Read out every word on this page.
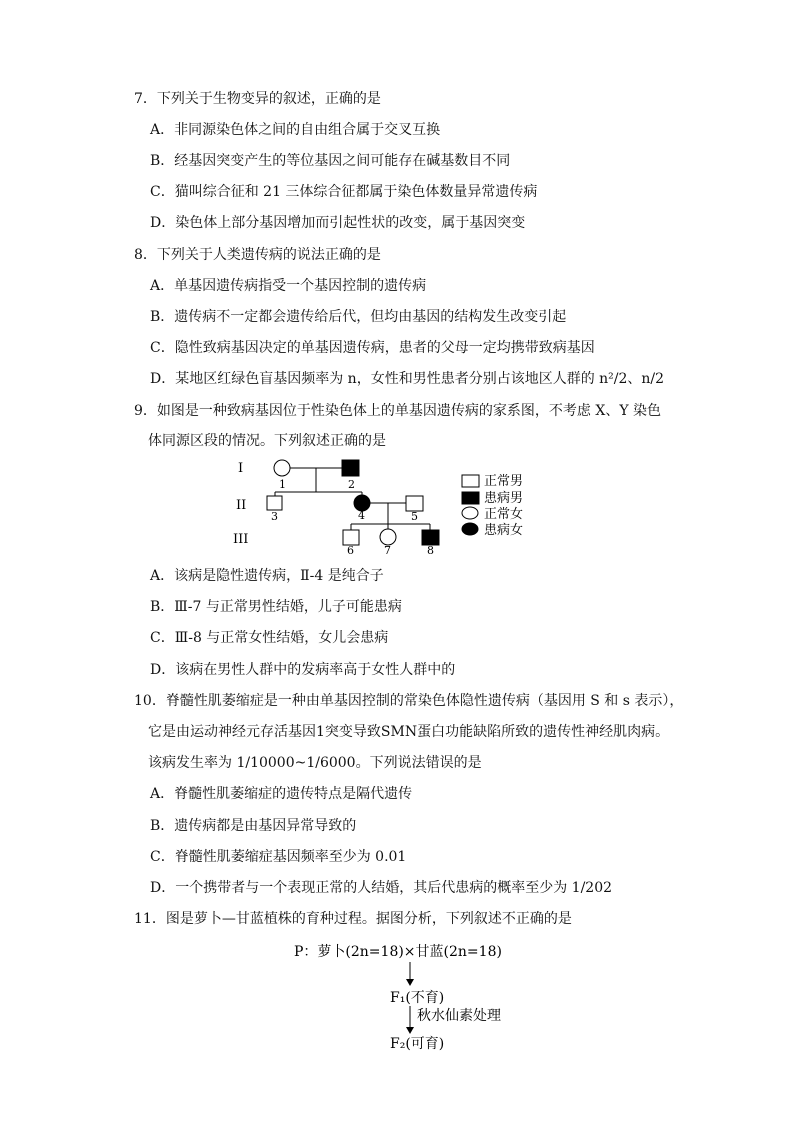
7．下列关于生物变异的叙述，正确的是
A．非同源染色体之间的自由组合属于交叉互换
B．经基因突变产生的等位基因之间可能存在碱基数目不同
C．猫叫综合征和 21 三体综合征都属于染色体数量异常遗传病
D．染色体上部分基因增加而引起性状的改变，属于基因突变
8．下列关于人类遗传病的说法正确的是
A．单基因遗传病指受一个基因控制的遗传病
B．遗传病不一定都会遗传给后代，但均由基因的结构发生改变引起
C．隐性致病基因决定的单基因遗传病，患者的父母一定均携带致病基因
D．某地区红绿色盲基因频率为 n，女性和男性患者分别占该地区人群的 n²/2、n/2
9．如图是一种致病基因位于性染色体上的单基因遗传病的家系图，不考虑 X、Y 染色
体同源区段的情况。下列叙述正确的是
I
II
III
1	2
3	4	5
6	7	8
正常男
患病男
正常女
患病女
A．该病是隐性遗传病，Ⅱ-4 是纯合子
B．Ⅲ-7 与正常男性结婚，儿子可能患病
C．Ⅲ-8 与正常女性结婚，女儿会患病
D．该病在男性人群中的发病率高于女性人群中的
10．脊髓性肌萎缩症是一种由单基因控制的常染色体隐性遗传病（基因用 S 和 s 表示），
它是由运动神经元存活基因1突变导致SMN蛋白功能缺陷所致的遗传性神经肌肉病。
该病发生率为 1/10000~1/6000。下列说法错误的是
A．脊髓性肌萎缩症的遗传特点是隔代遗传
B．遗传病都是由基因异常导致的
C．脊髓性肌萎缩症基因频率至少为 0.01
D．一个携带者与一个表现正常的人结婚，其后代患病的概率至少为 1/202
11．图是萝卜—甘蓝植株的育种过程。据图分析，下列叙述不正确的是
P：萝卜(2n=18)×甘蓝(2n=18)
F₁(不育)
秋水仙素处理
F₂(可育)
